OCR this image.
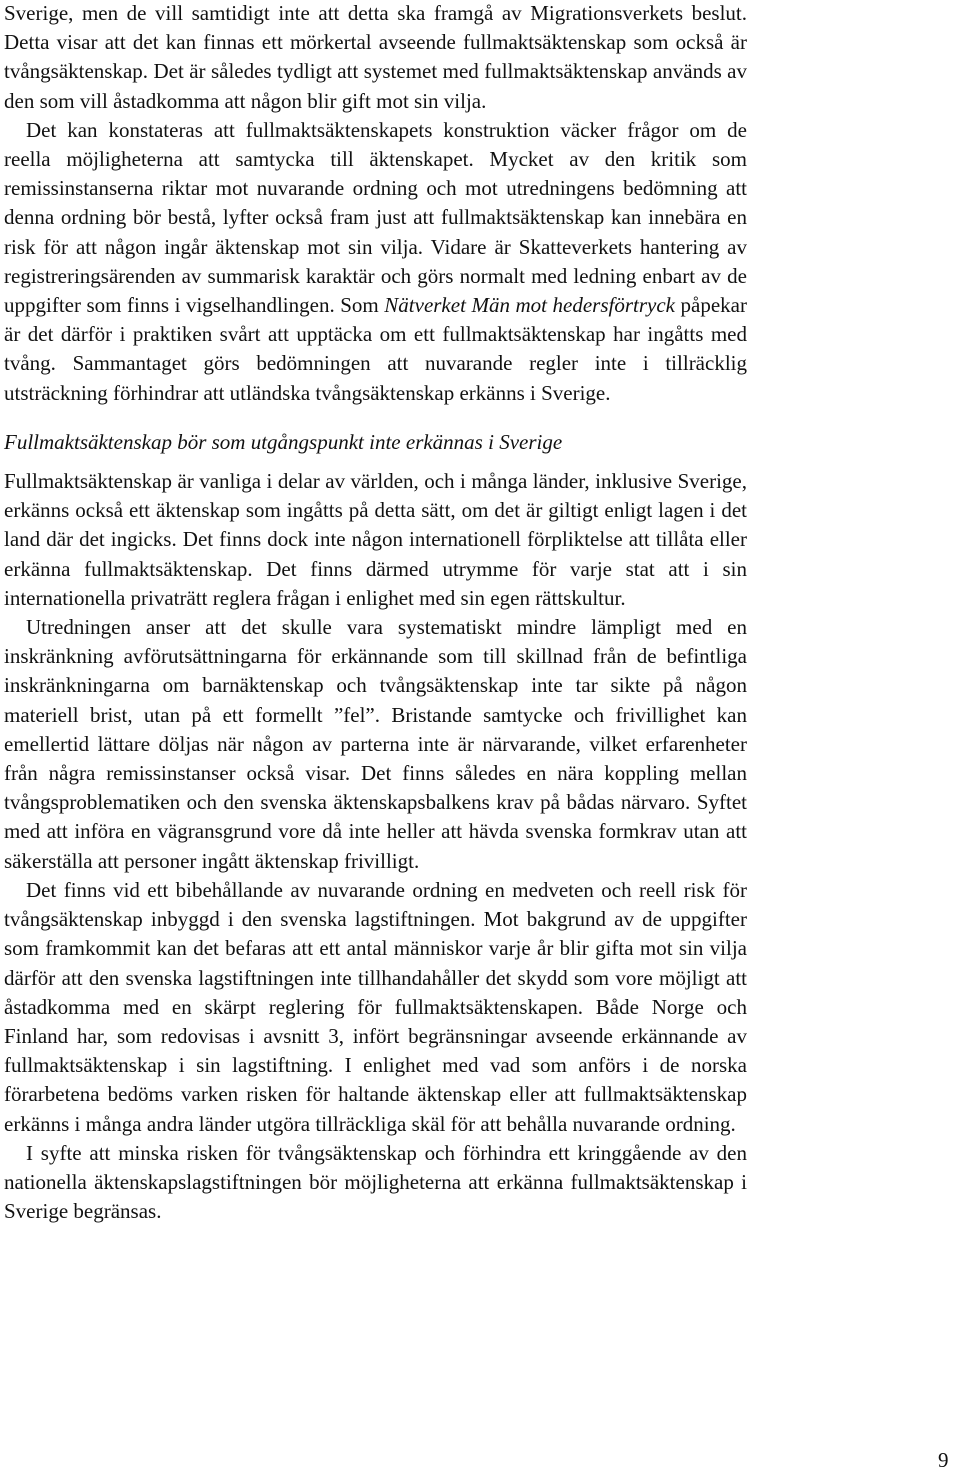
Sverige, men de vill samtidigt inte att detta ska framgå av Migrationsverkets beslut. Detta visar att det kan finnas ett mörkertal avseende fullmaktsäktenskap som också är tvångsäktenskap. Det är således tydligt att systemet med fullmaktsäktenskap används av den som vill åstadkomma att någon blir gift mot sin vilja.

Det kan konstateras att fullmaktsäktenskapets konstruktion väcker frågor om de reella möjligheterna att samtycka till äktenskapet. Mycket av den kritik som remissinstanserna riktar mot nuvarande ordning och mot utredningens bedömning att denna ordning bör bestå, lyfter också fram just att fullmaktsäktenskap kan innebära en risk för att någon ingår äktenskap mot sin vilja. Vidare är Skatteverkets hantering av registreringsärenden av summarisk karaktär och görs normalt med ledning enbart av de uppgifter som finns i vigselhandlingen. Som Nätverket Män mot hedersförtryck påpekar är det därför i praktiken svårt att upptäcka om ett fullmaktsäktenskap har ingåtts med tvång. Sammantaget görs bedömningen att nuvarande regler inte i tillräcklig utsträckning förhindrar att utländska tvångsäktenskap erkänns i Sverige.

Fullmaktsäktenskap bör som utgångspunkt inte erkännas i Sverige

Fullmaktsäktenskap är vanliga i delar av världen, och i många länder, inklusive Sverige, erkänns också ett äktenskap som ingåtts på detta sätt, om det är giltigt enligt lagen i det land där det ingicks. Det finns dock inte någon internationell förpliktelse att tillåta eller erkänna fullmaktsäktenskap. Det finns därmed utrymme för varje stat att i sin internationella privaträtt reglera frågan i enlighet med sin egen rättskultur.

Utredningen anser att det skulle vara systematiskt mindre lämpligt med en inskränkning avförutsättningarna för erkännande som till skillnad från de befintliga inskränkningarna om barnäktenskap och tvångsäktenskap inte tar sikte på någon materiell brist, utan på ett formellt ”fel”. Bristande samtycke och frivillighet kan emellertid lättare döljas när någon av parterna inte är närvarande, vilket erfarenheter från några remissinstanser också visar. Det finns således en nära koppling mellan tvångsproblematiken och den svenska äktenskapsbalkens krav på bådas närvaro. Syftet med att införa en vägransgrund vore då inte heller att hävda svenska formkrav utan att säkerställa att personer ingått äktenskap frivilligt.

Det finns vid ett bibehållande av nuvarande ordning en medveten och reell risk för tvångsäktenskap inbyggd i den svenska lagstiftningen. Mot bakgrund av de uppgifter som framkommit kan det befaras att ett antal människor varje år blir gifta mot sin vilja därför att den svenska lagstiftningen inte tillhandahåller det skydd som vore möjligt att åstadkomma med en skärpt reglering för fullmaktsäktenskapen. Både Norge och Finland har, som redovisas i avsnitt 3, infört begränsningar avseende erkännande av fullmaktsäktenskap i sin lagstiftning. I enlighet med vad som anförs i de norska förarbetena bedöms varken risken för haltande äktenskap eller att fullmaktsäktenskap erkänns i många andra länder utgöra tillräckliga skäl för att behålla nuvarande ordning.

I syfte att minska risken för tvångsäktenskap och förhindra ett kringgående av den nationella äktenskapslagstiftningen bör möjligheterna att erkänna fullmaktsäktenskap i Sverige begränsas.

9
